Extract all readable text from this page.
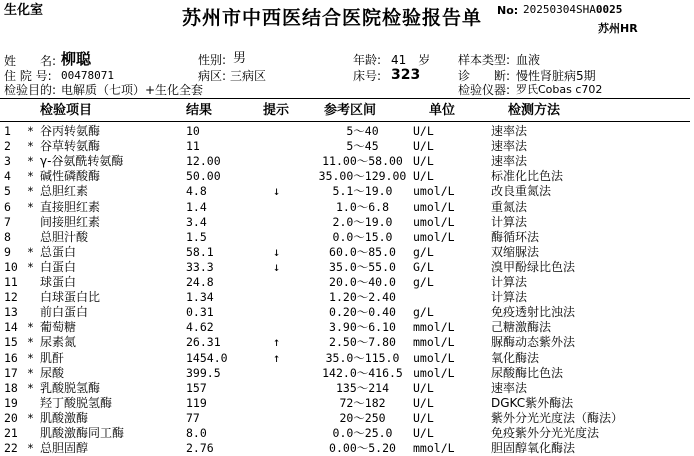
生化室	苏州市中西医结合医院检验报告单	No: 20250304SHA0025
苏州HR
姓　　名: 柳聪	性别: 男	年龄: 41　岁 样本类型: 血液
住 院 号: 00478071	病区: 三病区	床号: 323	诊　　断: 慢性肾脏病5期
检验目的: 电解质（七项）+生化全套	检验仪器: 罗氏Cobas c702
检验项目	结果	提示	参考区间	单位	检测方法
1 * 谷丙转氨酶	10	5～40	U/L	速率法
2 * 谷草转氨酶	11	5～45	U/L	速率法
3 * γ-谷氨酰转氨酶	12.00	11.00～58.00 U/L	速率法
4 * 碱性磷酸酶	50.00	35.00～129.00 U/L	标准化比色法
5 * 总胆红素	4.8	↓	5.1～19.0	umol/L	改良重氮法
6 * 直接胆红素	1.4	1.0～6.8	umol/L	重氮法
7 间接胆红素	3.4	2.0～19.0	umol/L	计算法
8 总胆汁酸	1.5	0.0～15.0	umol/L	酶循环法
9 * 总蛋白	58.1	↓	60.0～85.0	g/L	双缩脲法
10 * 白蛋白	33.3	↓	35.0～55.0	G/L	溴甲酚绿比色法
11 球蛋白	24.8	20.0～40.0	g/L	计算法
12 白球蛋白比	1.34	1.20～2.40	计算法
13 前白蛋白	0.31	0.20～0.40	g/L	免疫透射比浊法
14 * 葡萄糖	4.62	3.90～6.10	mmol/L	己糖激酶法
15 * 尿素氮	26.31	↑	2.50～7.80	mmol/L	脲酶动态紫外法
16 * 肌酐	1454.0	↑	35.0～115.0	umol/L	氧化酶法
17 * 尿酸	399.5	142.0～416.5 umol/L	尿酸酶比色法
18 * 乳酸脱氢酶	157	135～214	U/L	速率法
19 羟丁酸脱氢酶	119	72～182	U/L	DGKC紫外酶法
20 * 肌酸激酶	77	20～250	U/L	紫外分光光度法（酶法）
21 肌酸激酶同工酶	8.0	0.0～25.0	U/L	免疫紫外分光光度法
22 * 总胆固醇	2.76	0.00～5.20	mmol/L	胆固醇氧化酶法
